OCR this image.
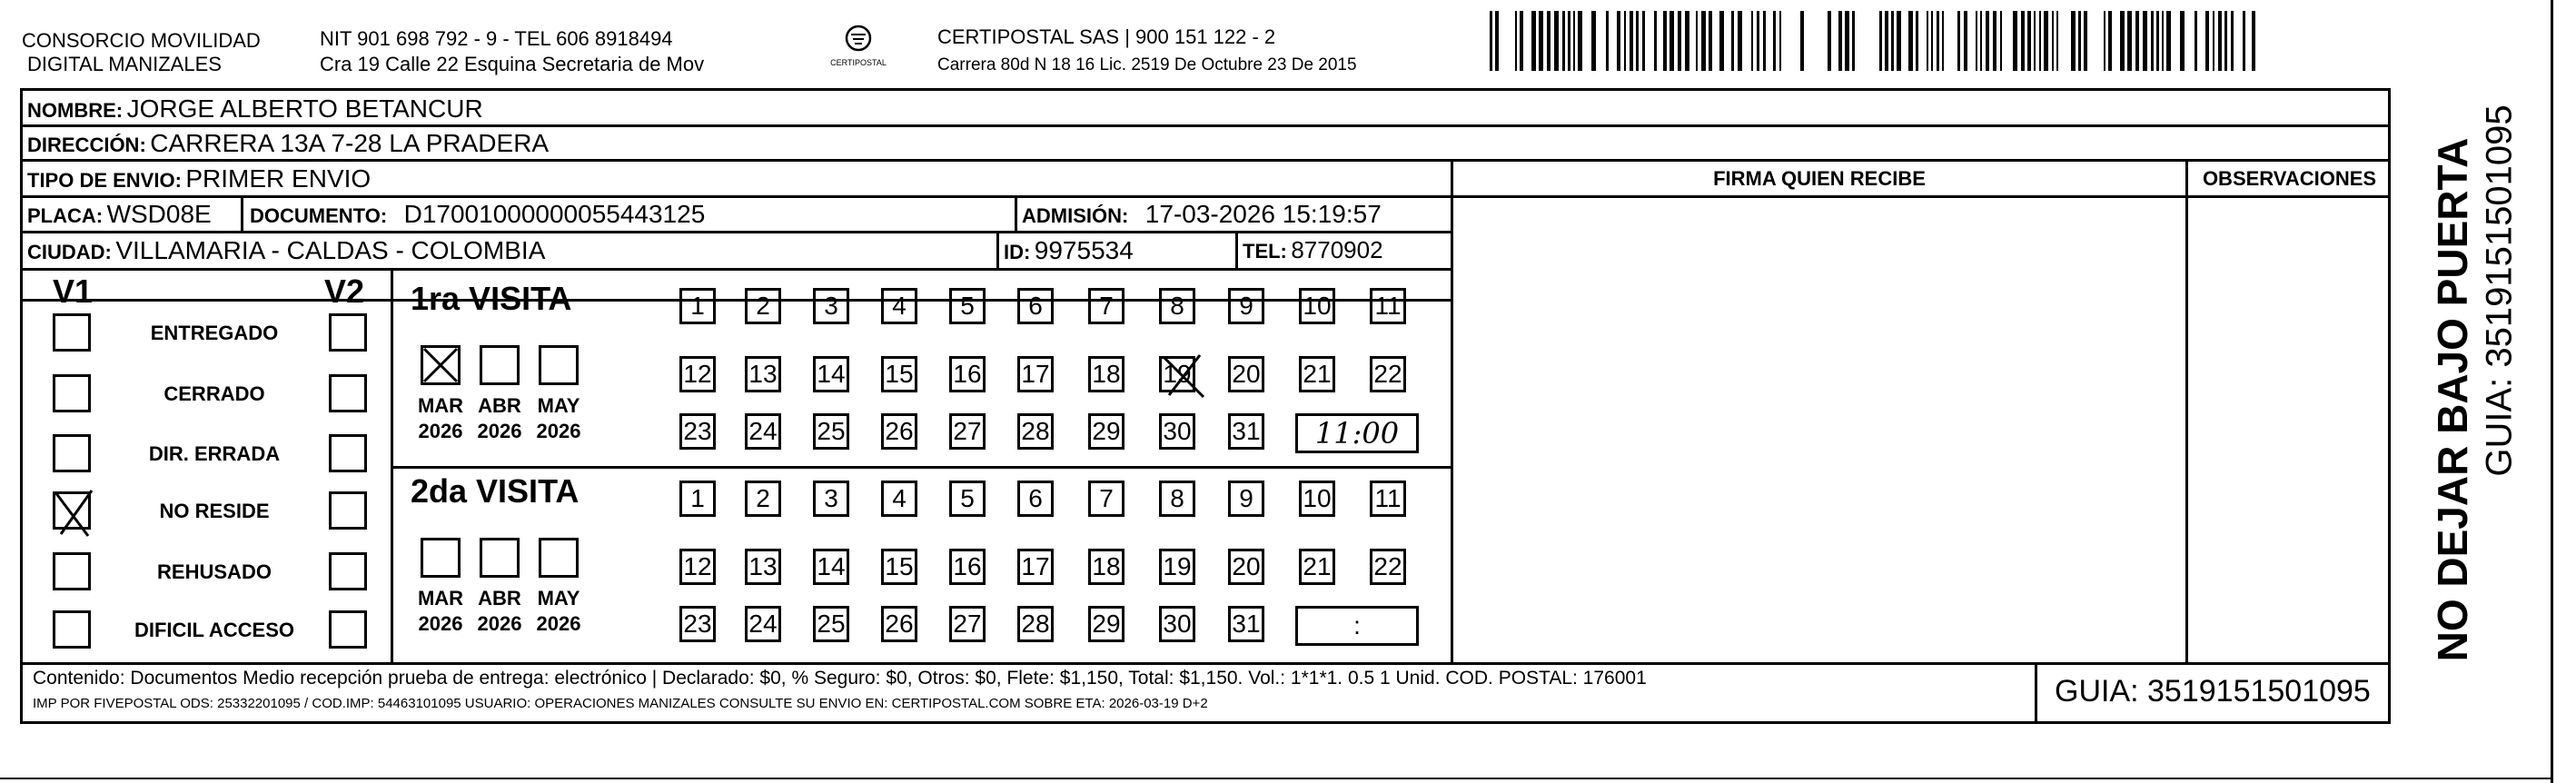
CONSORCIO MOVILIDAD
DIGITAL MANIZALES
NIT 901 698 792 - 9 - TEL 606 8918494
Cra 19 Calle 22 Esquina Secretaria de Mov	CERTIPOSTAL
CERTIPOSTAL SAS | 900 151 122 - 2
Carrera 80d N 18 16 Lic. 2519 De Octubre 23 De 2015
NOMBRE: JORGE ALBERTO BETANCUR
DIRECCIÓN: CARRERA 13A 7-28 LA PRADERA
TIPO DE ENVIO: PRIMER ENVIO	FIRMA QUIEN RECIBE	OBSERVACIONES
PLACA: WSD08E DOCUMENTO: D17001000000055443125	ADMISIÓN: 17-03-2026 15:19:57
CIUDAD: VILLAMARIA - CALDAS - COLOMBIA	ID: 9975534	TEL: 8770902
V1	V2
ENTREGADO
CERRADO
DIR. ERRADA
NO RESIDE
REHUSADO
DIFICIL ACCESO
1ra VISITA
2da VISITA
1	2	3	4	5	6	7	8	9	10 11
12 13 14 15 16 17 18 19 20 21 22
23 24 25 26 27 28 29 30 31	11:00
MAR
2026
ABR
2026
MAY
2026
1	2	3	4	5	6	7	8	9	10 11
12 13 14 15 16 17 18 19 20 21 22
23 24 25 26 27 28 29 30 31	:
MAR
2026
ABR
2026
MAY
2026
Contenido: Documentos Medio recepción prueba de entrega: electrónico | Declarado: $0, % Seguro: $0, Otros: $0, Flete: $1,150, Total: $1,150. Vol.: 1*1*1. 0.5 1 Unid. COD. POSTAL: 176001
IMP POR FIVEPOSTAL ODS: 25332201095 / COD.IMP: 54463101095 USUARIO: OPERACIONES MANIZALES CONSULTE SU ENVIO EN: CERTIPOSTAL.COM SOBRE ETA: 2026-03-19 D+2	GUIA: 3519151501095
NO DEJAR BAJO PUERTA GUIA: 3519151501095
